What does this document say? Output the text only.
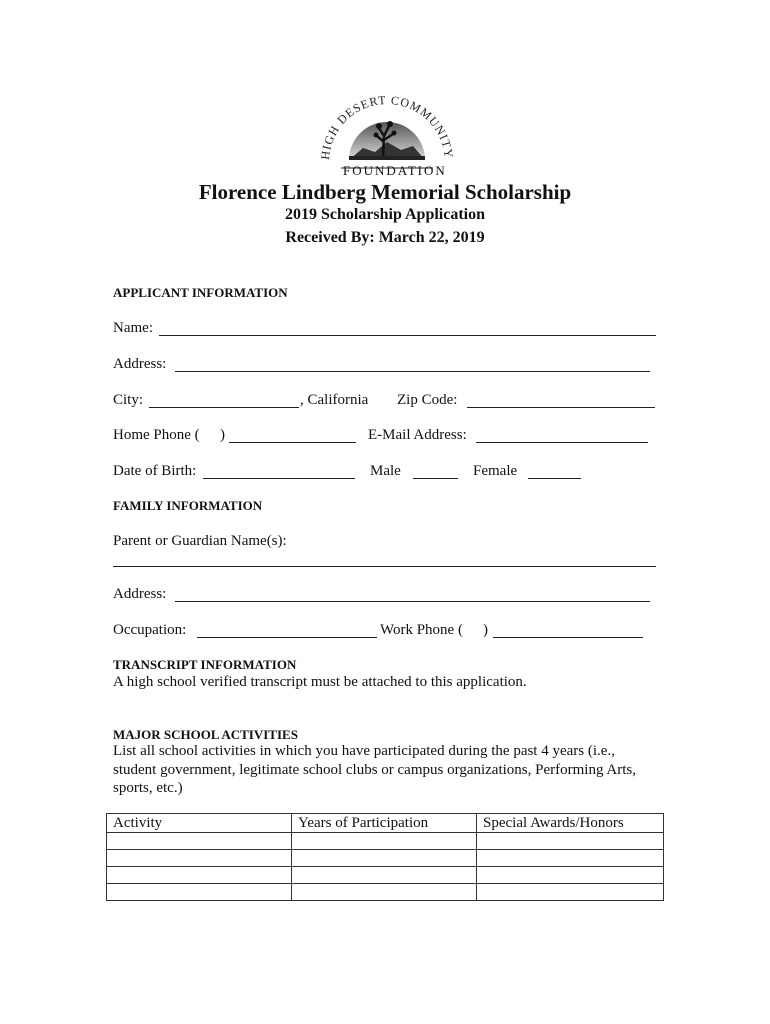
HIGH DESERT COMMUNITY
FOUNDATION
Florence Lindberg Memorial Scholarship
2019 Scholarship Application
Received By: March 22, 2019
APPLICANT INFORMATION
Name:
Address:
City:	, California Zip Code:
Home Phone ( )	E-Mail Address:
Date of Birth:	Male	Female
FAMILY INFORMATION
Parent or Guardian Name(s):
Address:
Occupation:	Work Phone ( )
TRANSCRIPT INFORMATION
A high school verified transcript must be attached to this application.
MAJOR SCHOOL ACTIVITIES
List all school activities in which you have participated during the past 4 years (i.e.,
student government, legitimate school clubs or campus organizations, Performing Arts,
sports, etc.)
Activity	Years of Participation	Special Awards/Honors
